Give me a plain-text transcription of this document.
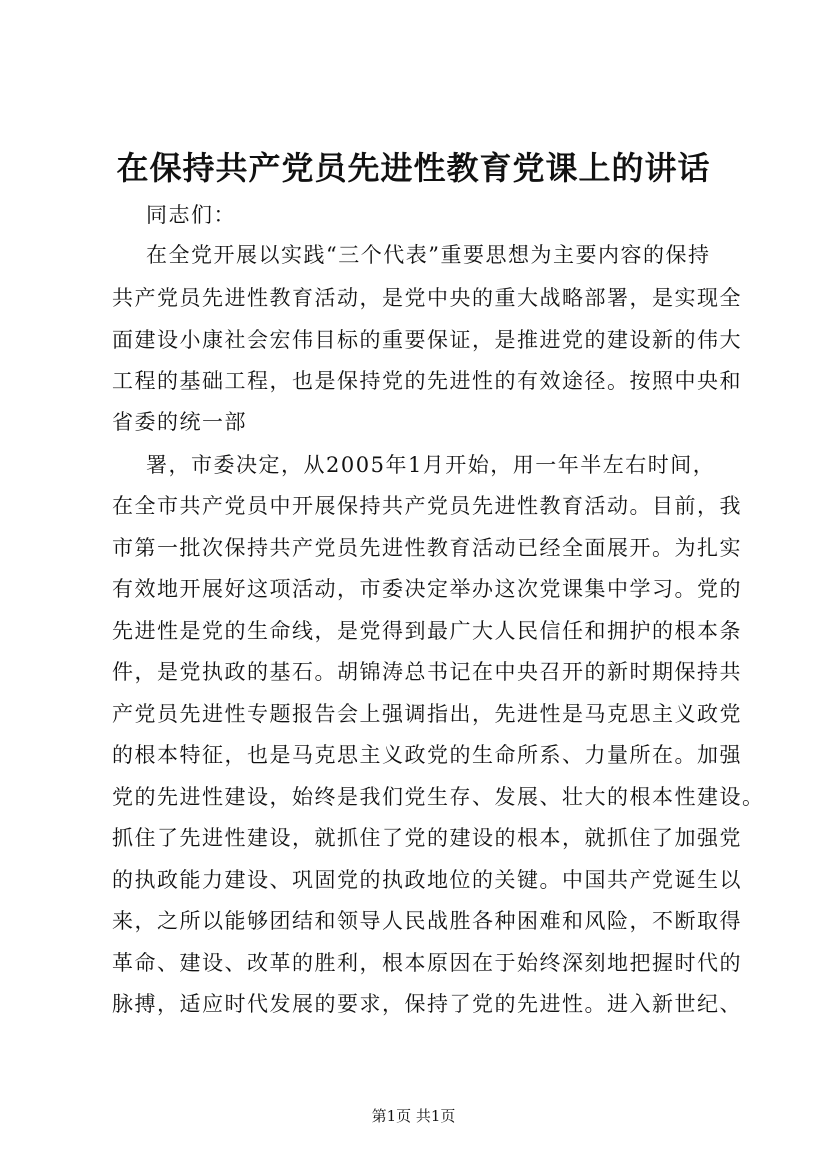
在保持共产党员先进性教育党课上的讲话
同志们：
在全党开展以实践“三个代表”重要思想为主要内容的保持
共产党员先进性教育活动，是党中央的重大战略部署，是实现全
面建设小康社会宏伟目标的重要保证，是推进党的建设新的伟大
工程的基础工程，也是保持党的先进性的有效途径。按照中央和
省委的统一部
署，市委决定，从2005年1月开始，用一年半左右时间，
在全市共产党员中开展保持共产党员先进性教育活动。目前，我
市第一批次保持共产党员先进性教育活动已经全面展开。为扎实
有效地开展好这项活动，市委决定举办这次党课集中学习。党的
先进性是党的生命线，是党得到最广大人民信任和拥护的根本条
件，是党执政的基石。胡锦涛总书记在中央召开的新时期保持共
产党员先进性专题报告会上强调指出，先进性是马克思主义政党
的根本特征，也是马克思主义政党的生命所系、力量所在。加强
党的先进性建设，始终是我们党生存、发展、壮大的根本性建设。
抓住了先进性建设，就抓住了党的建设的根本，就抓住了加强党
的执政能力建设、巩固党的执政地位的关键。中国共产党诞生以
来，之所以能够团结和领导人民战胜各种困难和风险，不断取得
革命、建设、改革的胜利，根本原因在于始终深刻地把握时代的
脉搏，适应时代发展的要求，保持了党的先进性。进入新世纪、
第1页 共1页
